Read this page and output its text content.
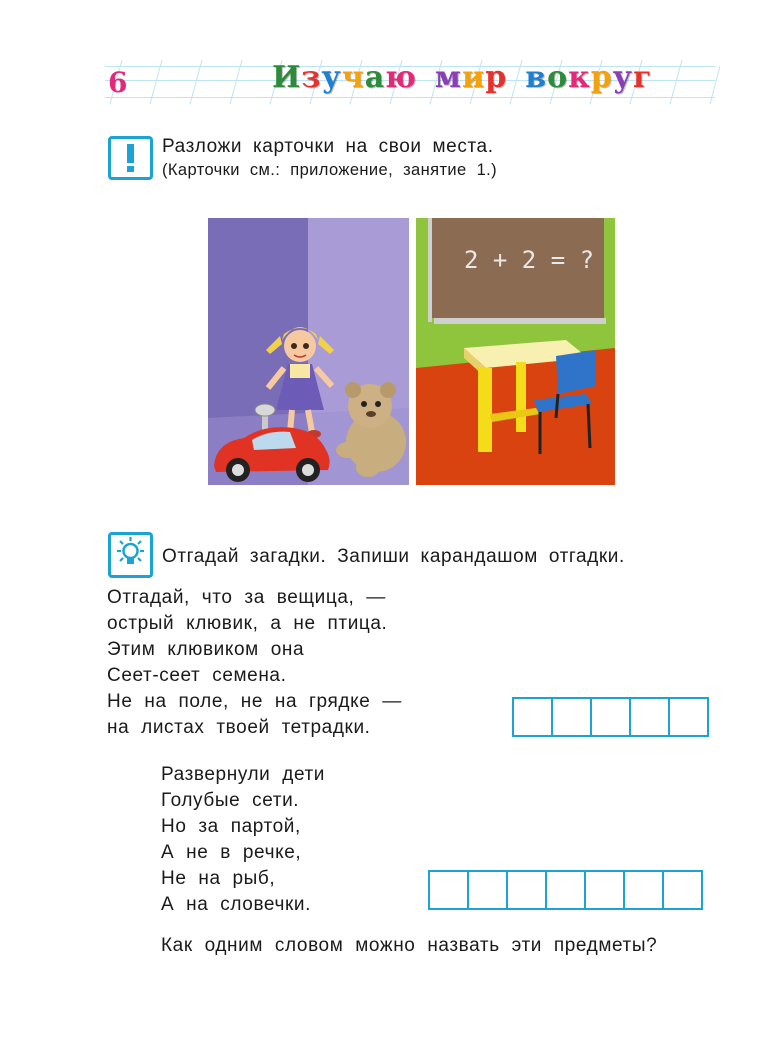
6	Изучаю мир вокруг
Разложи карточки на свои места.
(Карточки см.: приложение, занятие 1.)
2 + 2 = ?
Отгадай загадки. Запиши карандашом отгадки.
Отгадай, что за вещица, —
острый клювик, а не птица.
Этим клювиком она
Сеет-сеет семена.
Не на поле, не на грядке —
на листах твоей тетрадки.
Развернули дети
Голубые сети.
Но за партой,
А не в речке,
Не на рыб,
А на словечки.
Как одним словом можно назвать эти предметы?
